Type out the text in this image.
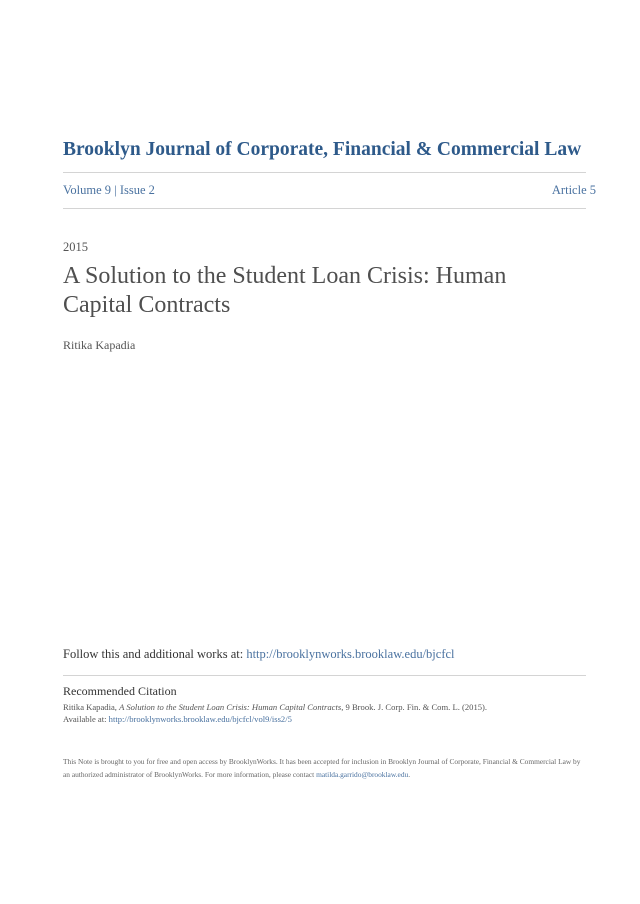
Brooklyn Journal of Corporate, Financial & Commercial Law
Volume 9 | Issue 2	Article 5
2015
A Solution to the Student Loan Crisis: Human Capital Contracts
Ritika Kapadia
Follow this and additional works at: http://brooklynworks.brooklaw.edu/bjcfcl
Recommended Citation
Ritika Kapadia, A Solution to the Student Loan Crisis: Human Capital Contracts, 9 Brook. J. Corp. Fin. & Com. L. (2015).
Available at: http://brooklynworks.brooklaw.edu/bjcfcl/vol9/iss2/5
This Note is brought to you for free and open access by BrooklynWorks. It has been accepted for inclusion in Brooklyn Journal of Corporate, Financial & Commercial Law by an authorized administrator of BrooklynWorks. For more information, please contact matilda.garrido@brooklaw.edu.
